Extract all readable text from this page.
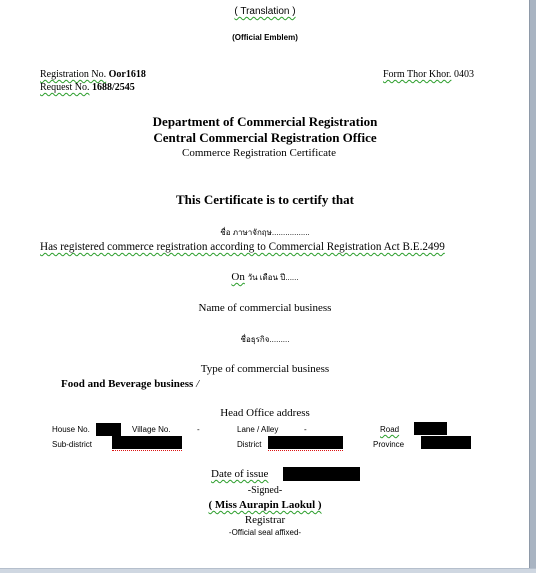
( Translation )
(Official Emblem)
Registration No. Oor1618	Form Thor Khor. 0403
Request No. 1688/2545
Department of Commercial Registration
Central Commercial Registration Office
Commerce Registration Certificate
This Certificate is to certify that
ชื่อ ภาษาจักฤษ.................
Has registered commerce registration according to Commercial Registration Act B.E.2499
On วัน เดือน ปี......
Name of commercial business
ชื่อธุรกิจ.........
Type of commercial business
Food and Beverage business /
Head Office address
House No.	Village No.	-	Lane / Alley	-	Road
Sub-district	District	Province
Date of issue
-Signed-
( Miss Aurapin Laokul )
Registrar
-Official seal affixed-
